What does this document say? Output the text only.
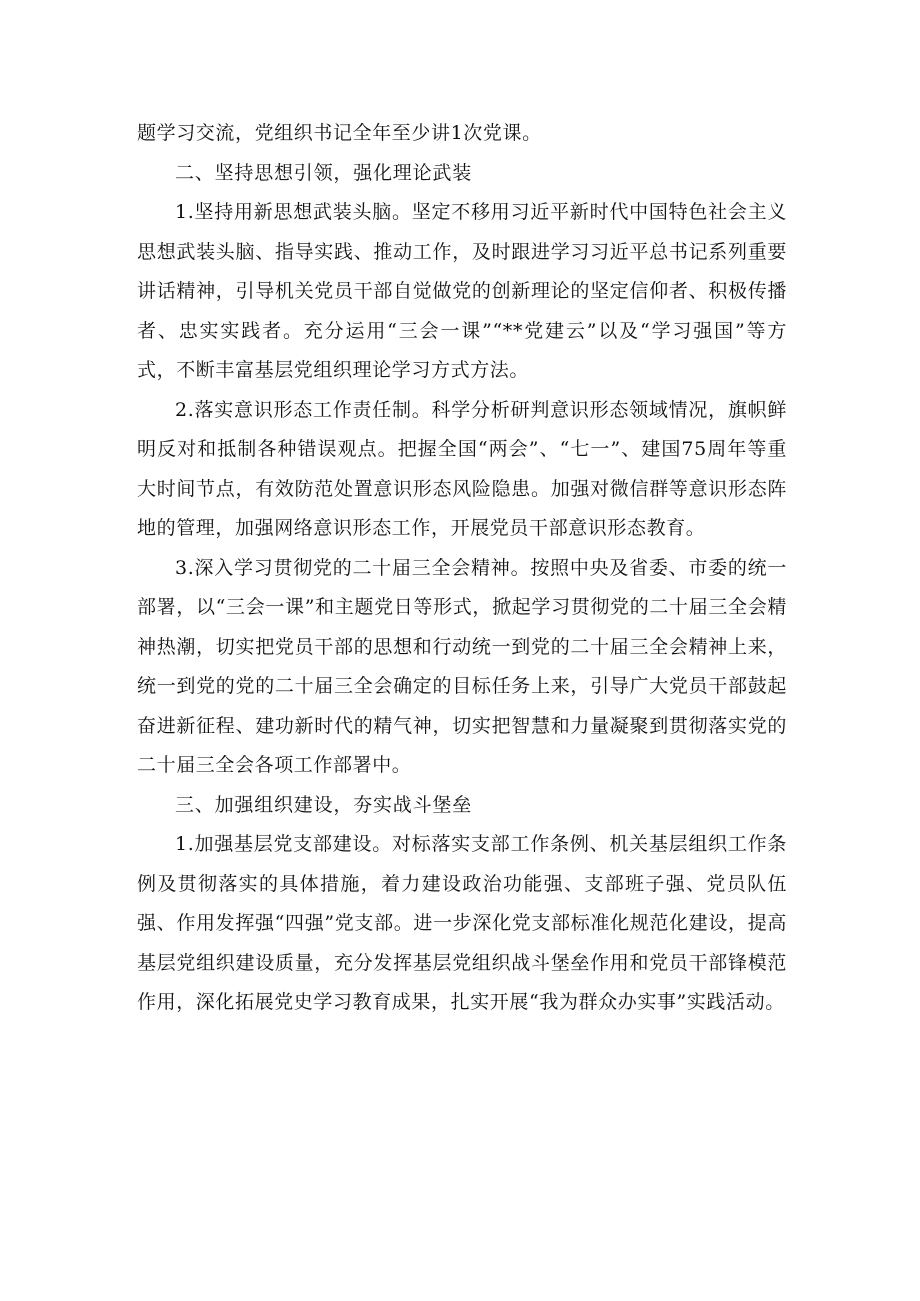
题学习交流，党组织书记全年至少讲1次党课。

二、坚持思想引领，强化理论武装

1.坚持用新思想武装头脑。坚定不移用习近平新时代中国特色社会主义思想武装头脑、指导实践、推动工作，及时跟进学习习近平总书记系列重要讲话精神，引导机关党员干部自觉做党的创新理论的坚定信仰者、积极传播者、忠实实践者。充分运用“三会一课”“**党建云”以及“学习强国”等方式，不断丰富基层党组织理论学习方式方法。

2.落实意识形态工作责任制。科学分析研判意识形态领域情况，旗帜鲜明反对和抵制各种错误观点。把握全国“两会”、“七一”、建国75周年等重大时间节点，有效防范处置意识形态风险隐患。加强对微信群等意识形态阵地的管理，加强网络意识形态工作，开展党员干部意识形态教育。

3.深入学习贯彻党的二十届三全会精神。按照中央及省委、市委的统一部署，以“三会一课”和主题党日等形式，掀起学习贯彻党的二十届三全会精神热潮，切实把党员干部的思想和行动统一到党的二十届三全会精神上来，统一到党的党的二十届三全会确定的目标任务上来，引导广大党员干部鼓起奋进新征程、建功新时代的精气神，切实把智慧和力量凝聚到贯彻落实党的二十届三全会各项工作部署中。

三、加强组织建设，夯实战斗堡垒

1.加强基层党支部建设。对标落实支部工作条例、机关基层组织工作条例及贯彻落实的具体措施，着力建设政治功能强、支部班子强、党员队伍强、作用发挥强“四强”党支部。进一步深化党支部标准化规范化建设，提高基层党组织建设质量，充分发挥基层党组织战斗堡垒作用和党员干部锋模范作用，深化拓展党史学习教育成果，扎实开展“我为群众办实事”实践活动。
